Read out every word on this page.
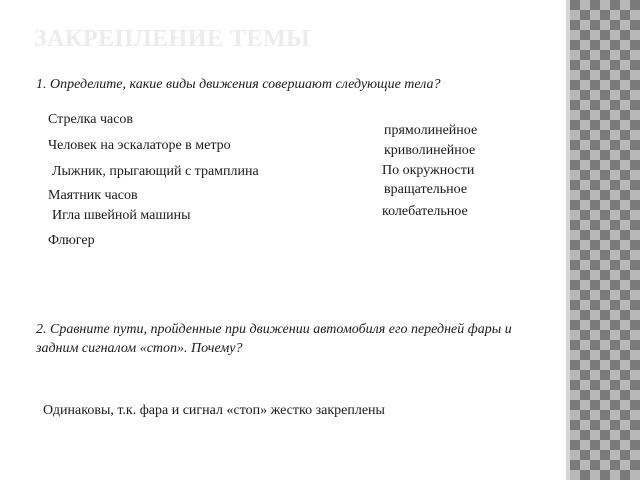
ЗАКРЕПЛЕНИЕ ТЕМЫ
1. Определите, какие виды движения совершают следующие тела?
Стрелка часов
Человек на эскалаторе в метро
Лыжник, прыгающий с трамплина
Маятник часов
Игла швейной машины
Флюгер
прямолинейное
криволинейное
По окружности
вращательное
колебательное
2. Сравните пути, пройденные при движении автомобиля его передней фары и задним сигналом «стоп». Почему?
Одинаковы, т.к. фара и сигнал «стоп» жестко закреплены
